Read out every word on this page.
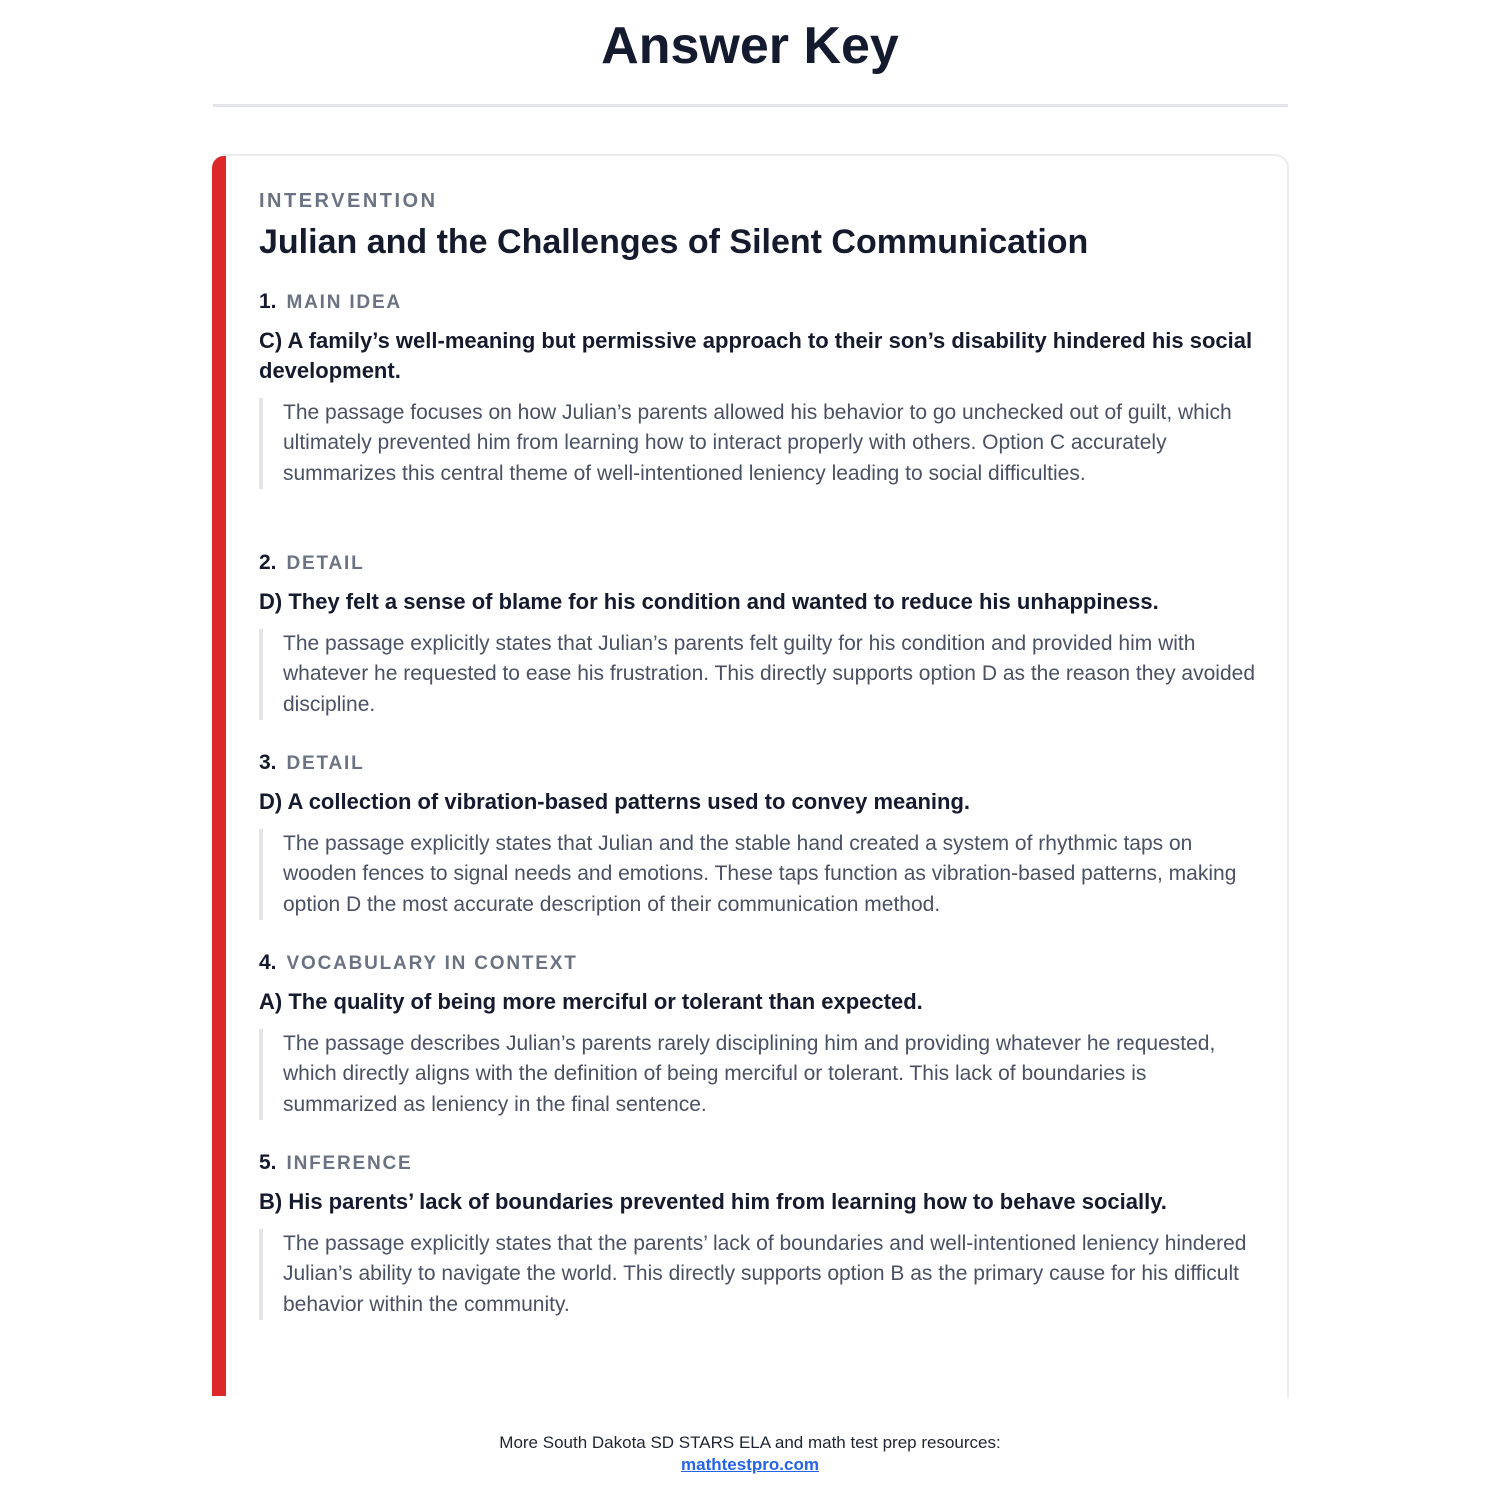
Answer Key
INTERVENTION
Julian and the Challenges of Silent Communication
1. MAIN IDEA
C) A family’s well-meaning but permissive approach to their son’s disability hindered his social development.
The passage focuses on how Julian’s parents allowed his behavior to go unchecked out of guilt, which ultimately prevented him from learning how to interact properly with others. Option C accurately summarizes this central theme of well-intentioned leniency leading to social difficulties.
2. DETAIL
D) They felt a sense of blame for his condition and wanted to reduce his unhappiness.
The passage explicitly states that Julian’s parents felt guilty for his condition and provided him with whatever he requested to ease his frustration. This directly supports option D as the reason they avoided discipline.
3. DETAIL
D) A collection of vibration-based patterns used to convey meaning.
The passage explicitly states that Julian and the stable hand created a system of rhythmic taps on wooden fences to signal needs and emotions. These taps function as vibration-based patterns, making option D the most accurate description of their communication method.
4. VOCABULARY IN CONTEXT
A) The quality of being more merciful or tolerant than expected.
The passage describes Julian’s parents rarely disciplining him and providing whatever he requested, which directly aligns with the definition of being merciful or tolerant. This lack of boundaries is summarized as leniency in the final sentence.
5. INFERENCE
B) His parents’ lack of boundaries prevented him from learning how to behave socially.
The passage explicitly states that the parents’ lack of boundaries and well-intentioned leniency hindered Julian’s ability to navigate the world. This directly supports option B as the primary cause for his difficult behavior within the community.
More South Dakota SD STARS ELA and math test prep resources:
mathtestpro.com
